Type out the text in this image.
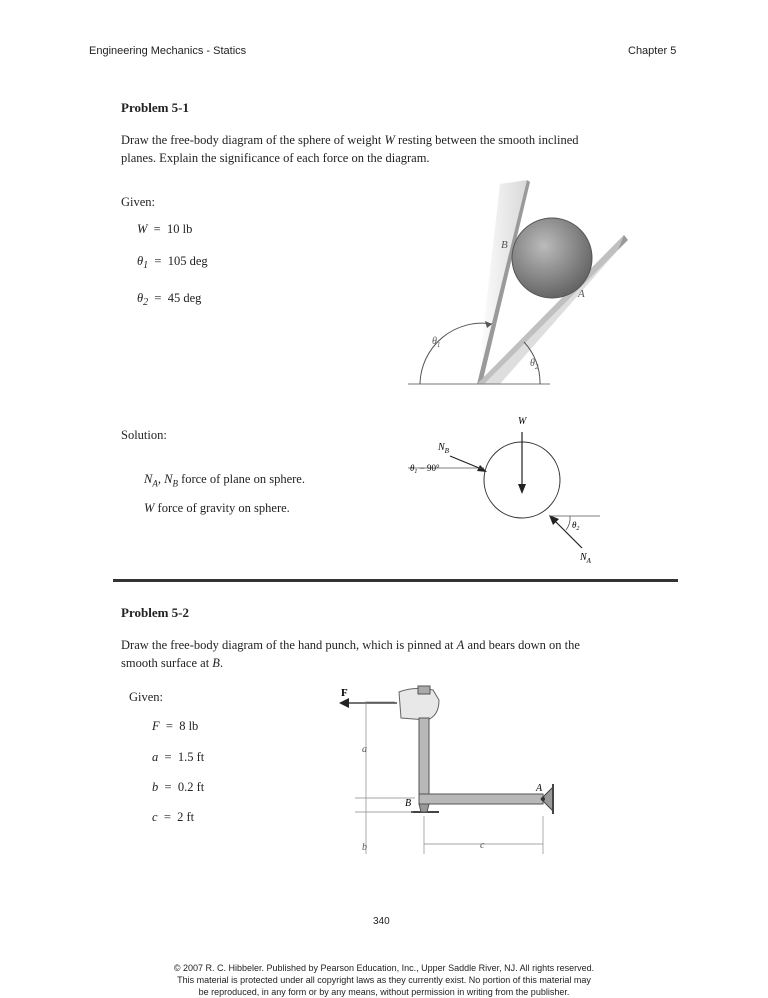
Engineering Mechanics - Statics	Chapter 5
Problem 5-1
Draw the free-body diagram of the sphere of weight W resting between the smooth inclined
planes. Explain the significance of each force on the diagram.
Given:
W  =  10 lb
$\theta_1 = 105$ deg
$\theta_2 = 45$ deg
B
A
$\theta_1$
$\theta_2$
Solution:
$N_A$, $N_B$ force of plane on sphere.
W force of gravity on sphere.
W
$N_B$
$\theta_1 - 90^\circ$
$\theta_2$
$N_A$
Problem 5-2
Draw the free-body diagram of the hand punch, which is pinned at A and bears down on the
smooth surface at B.
Given:
F  =  8 lb
a  =  1.5 ft
b  =  0.2 ft
c  =  2 ft
F
A
B
a
b	c
340
© 2007 R. C. Hibbeler. Published by Pearson Education, Inc., Upper Saddle River, NJ. All rights reserved.
This material is protected under all copyright laws as they currently exist. No portion of this material may
be reproduced, in any form or by any means, without permission in writing from the publisher.
